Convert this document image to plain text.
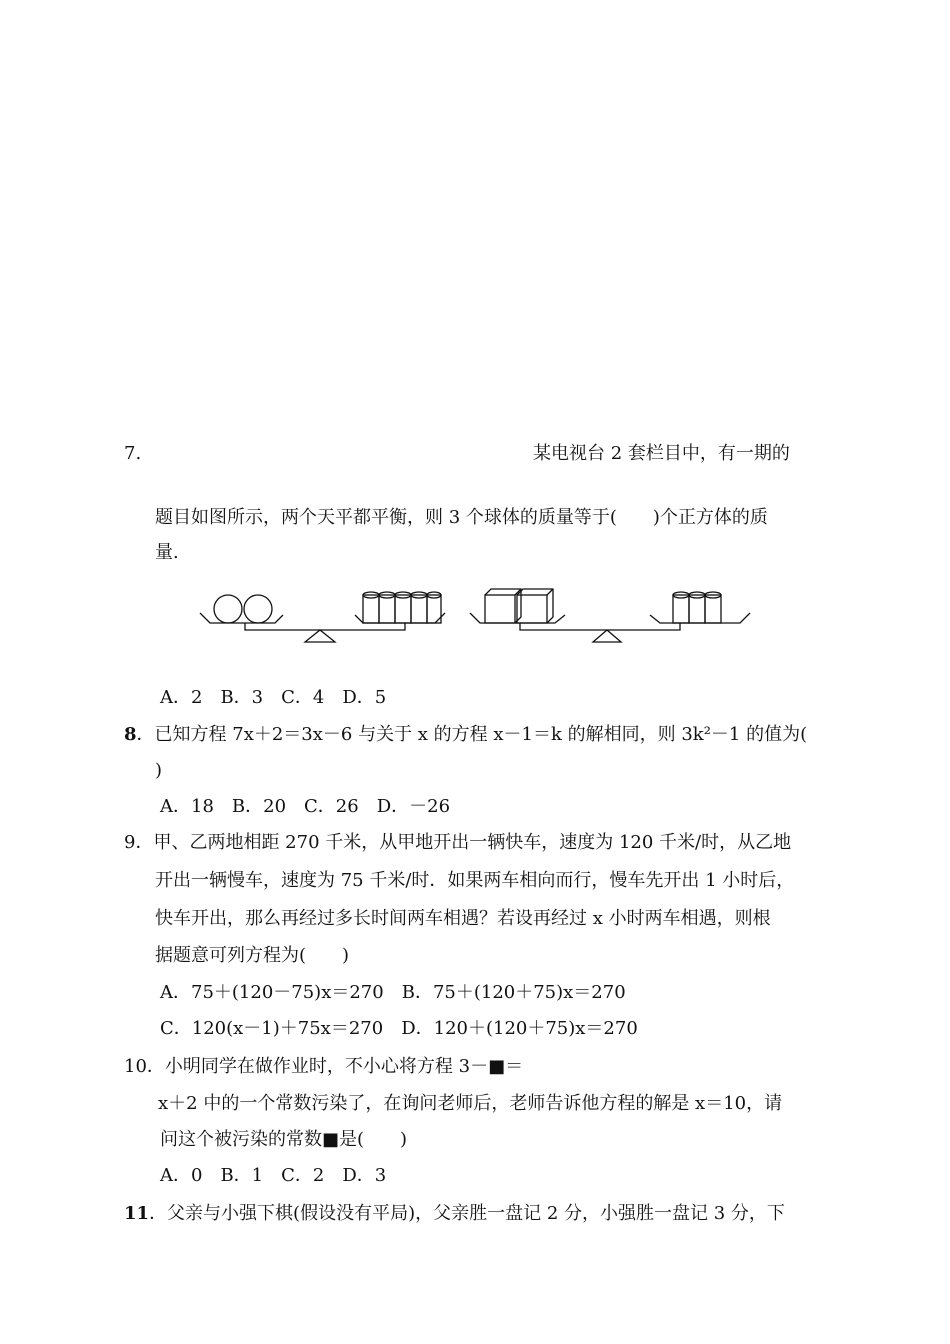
7.	某电视台 2 套栏目中，有一期的
题目如图所示，两个天平都平衡，则 3 个球体的质量等于(　　)个正方体的质
量.
A．2　B．3　C．4　D．5
8．已知方程 7x＋2＝3x－6 与关于 x 的方程 x－1＝k 的解相同，则 3k²－1 的值为(
)
A．18　B．20　C．26　D．－26
9．甲、乙两地相距 270 千米，从甲地开出一辆快车，速度为 120 千米/时，从乙地
开出一辆慢车，速度为 75 千米/时．如果两车相向而行，慢车先开出 1 小时后，
快车开出，那么再经过多长时间两车相遇？若设再经过 x 小时两车相遇，则根
据题意可列方程为(　　)
A．75＋(120－75)x＝270　B．75＋(120＋75)x＝270
C．120(x－1)＋75x＝270　D．120＋(120＋75)x＝270
10．小明同学在做作业时，不小心将方程 3－■＝
x＋2 中的一个常数污染了，在询问老师后，老师告诉他方程的解是 x＝10，请
问这个被污染的常数■是(　　)
A．0　B．1　C．2　D．3
11．父亲与小强下棋(假设没有平局)，父亲胜一盘记 2 分，小强胜一盘记 3 分，下
